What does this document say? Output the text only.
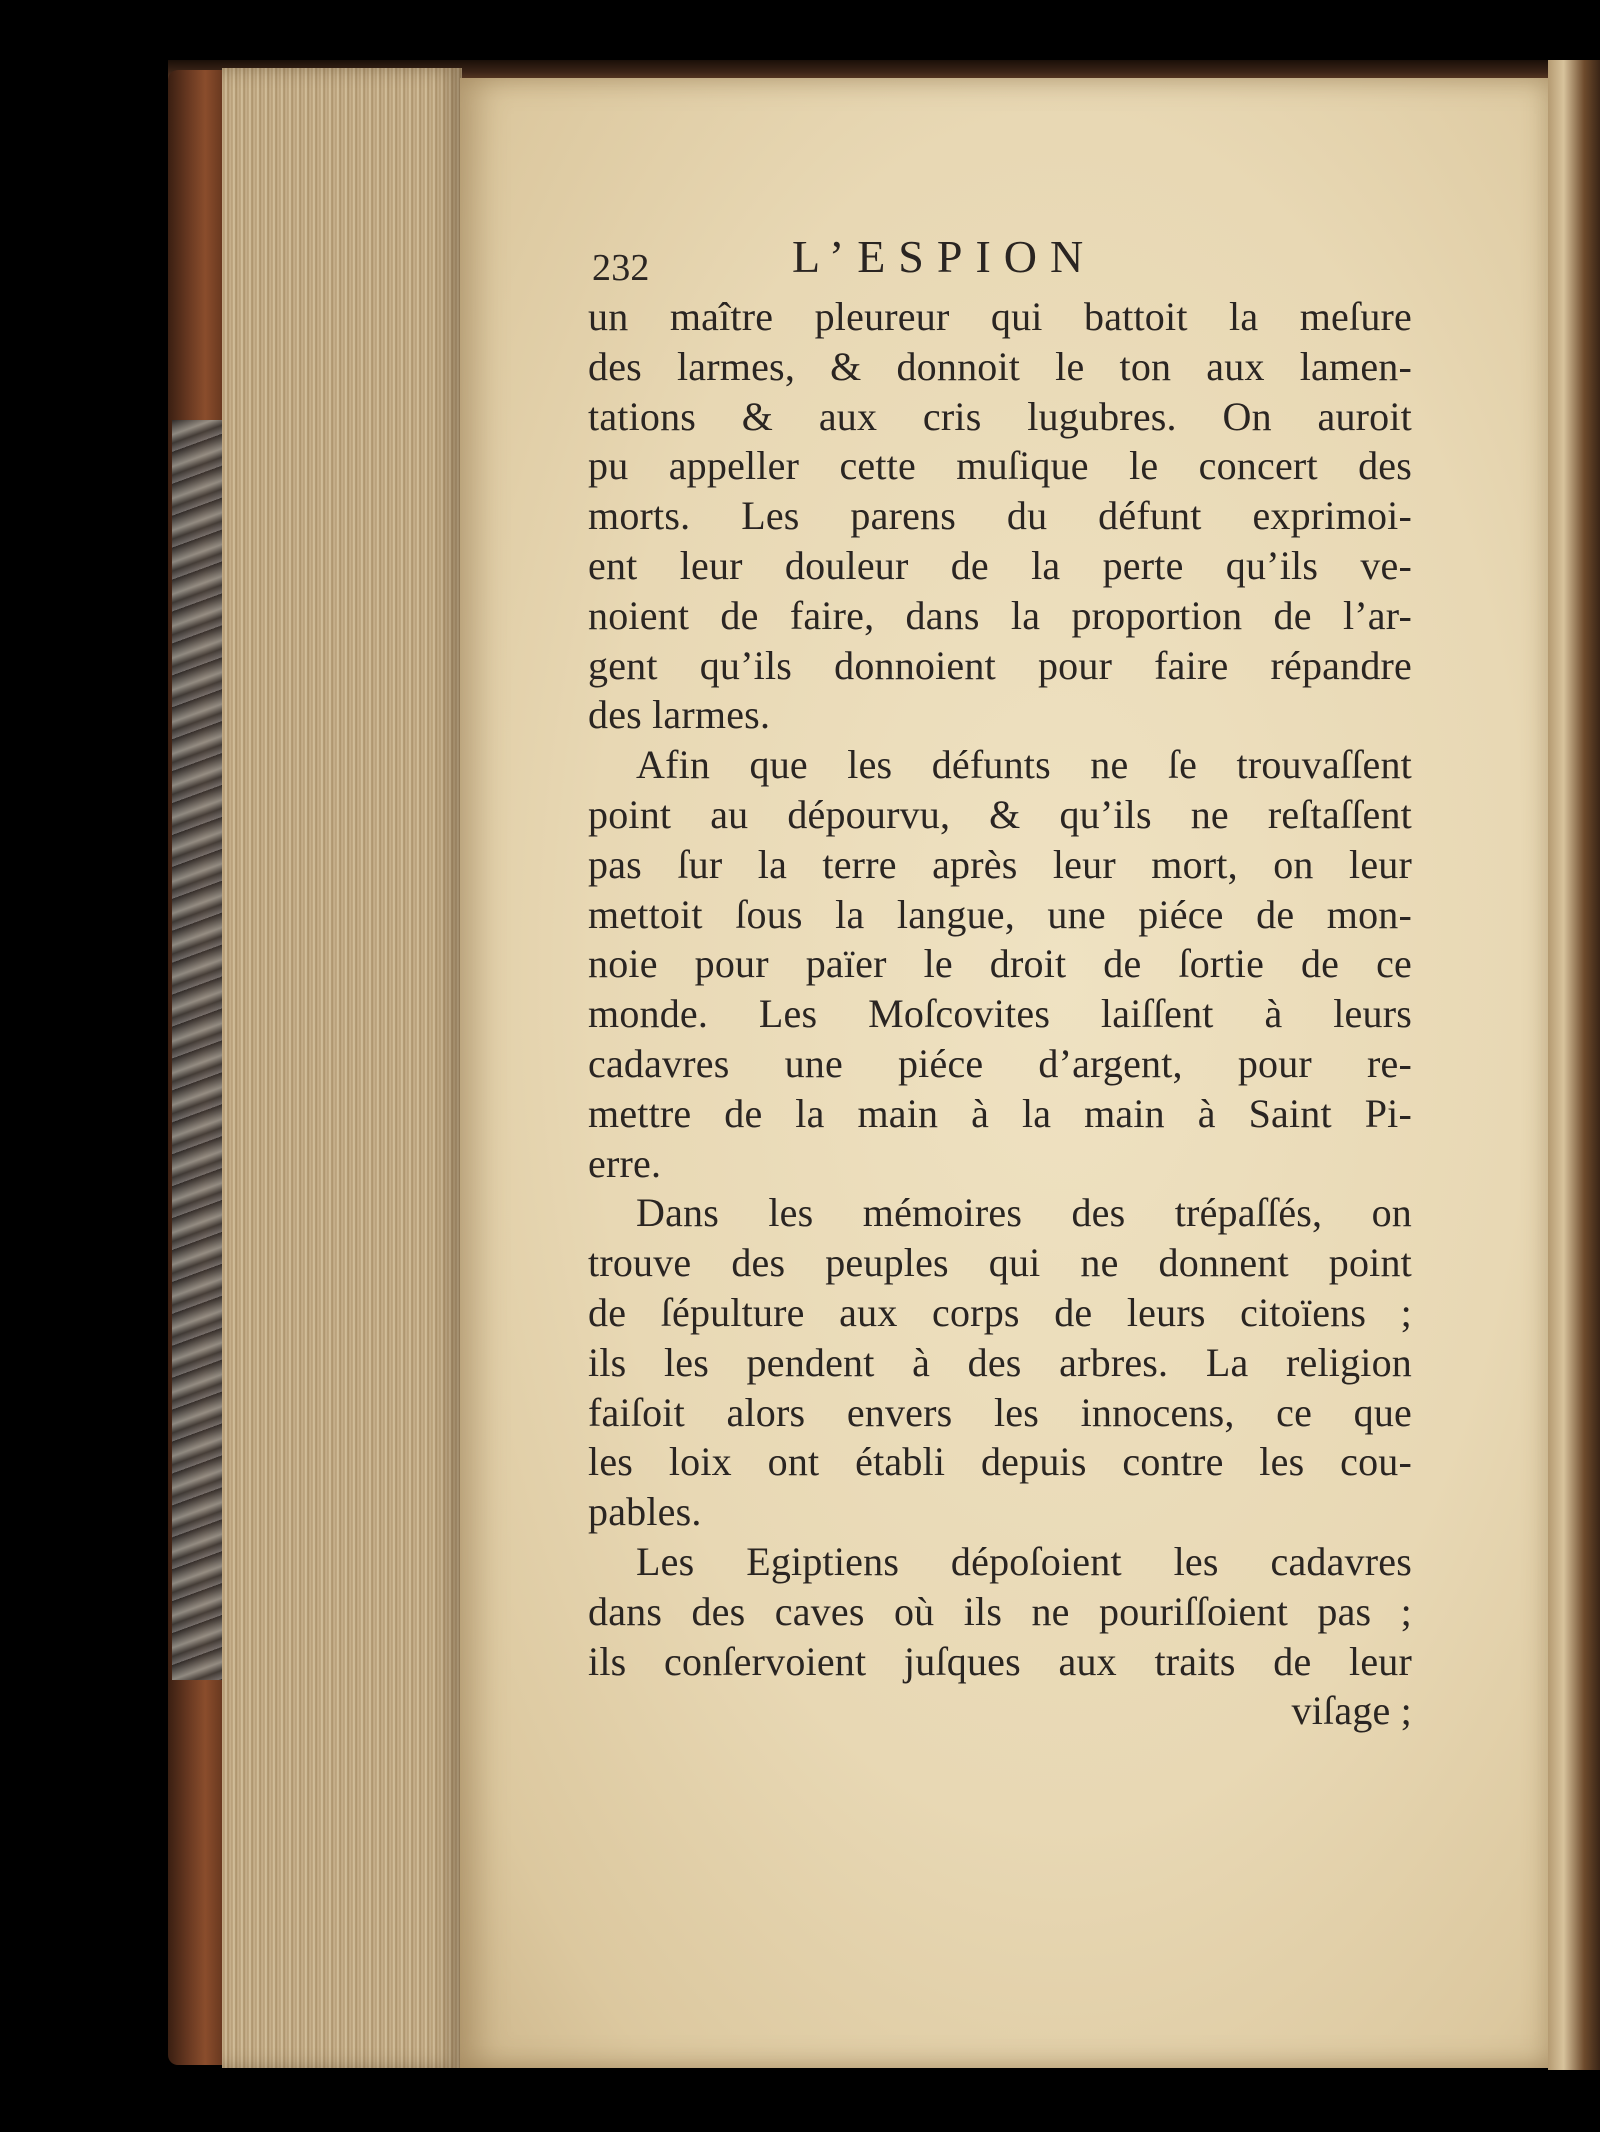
232	L’ESPION
un maître pleureur qui battoit la meſure
des larmes, & donnoit le ton aux lamen-
tations & aux cris lugubres. On auroit
pu appeller cette muſique le concert des
morts. Les parens du défunt exprimoi-
ent leur douleur de la perte qu’ils ve-
noient de faire, dans la proportion de l’ar-
gent qu’ils donnoient pour faire répandre
des larmes.
Afin que les défunts ne ſe trouvaſſent
point au dépourvu, & qu’ils ne reſtaſſent
pas ſur la terre après leur mort, on leur
mettoit ſous la langue, une piéce de mon-
noie pour païer le droit de ſortie de ce
monde. Les Moſcovites laiſſent à leurs
cadavres une piéce d’argent, pour re-
mettre de la main à la main à Saint Pi-
erre.
Dans les mémoires des trépaſſés, on
trouve des peuples qui ne donnent point
de ſépulture aux corps de leurs citoïens ;
ils les pendent à des arbres. La religion
faiſoit alors envers les innocens, ce que
les loix ont établi depuis contre les cou-
pables.
Les Egiptiens dépoſoient les cadavres
dans des caves où ils ne pouriſſoient pas ;
ils conſervoient juſques aux traits de leur
viſage ;
